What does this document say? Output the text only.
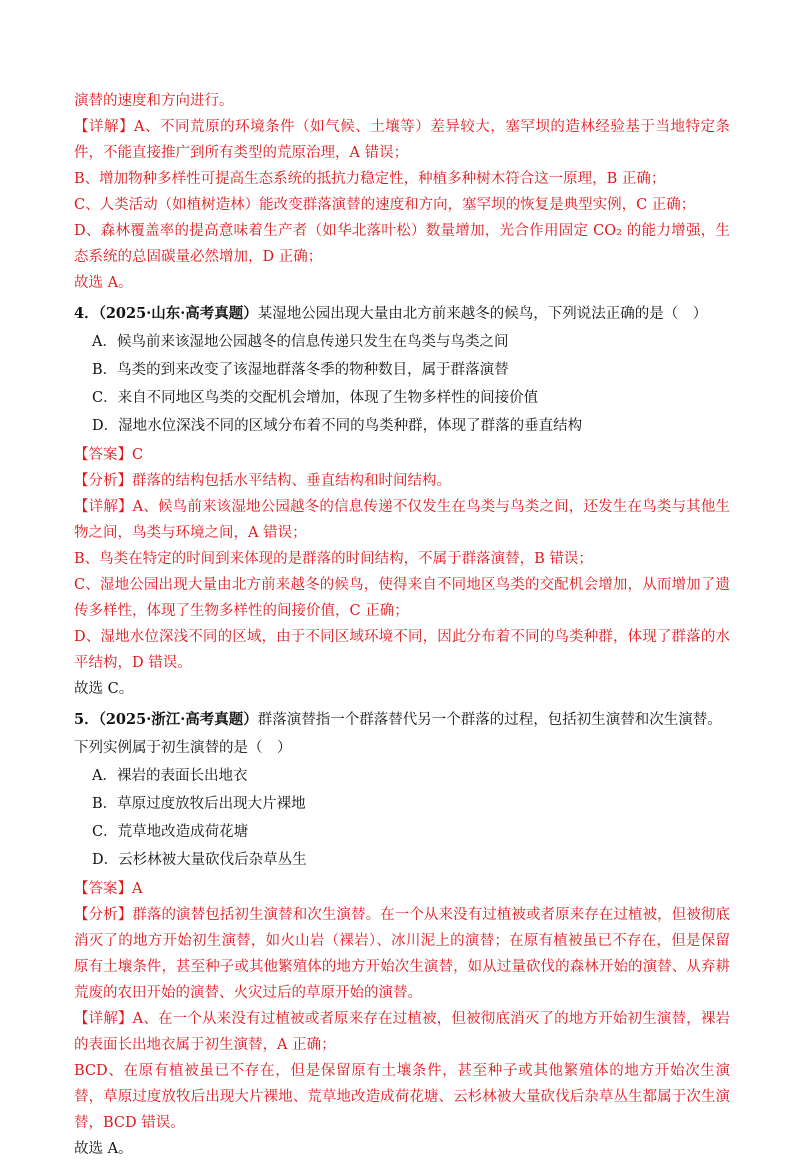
演替的速度和方向进行。

【详解】A、不同荒原的环境条件（如气候、土壤等）差异较大，塞罕坝的造林经验基于当地特定条件，不能直接推广到所有类型的荒原治理，A 错误；

B、增加物种多样性可提高生态系统的抵抗力稳定性，种植多种树木符合这一原理，B 正确；

C、人类活动（如植树造林）能改变群落演替的速度和方向，塞罕坝的恢复是典型实例，C 正确；

D、森林覆盖率的提高意味着生产者（如华北落叶松）数量增加，光合作用固定 CO₂ 的能力增强，生态系统的总固碳量必然增加，D 正确；

故选 A。

4．（2025·山东·高考真题）某湿地公园出现大量由北方前来越冬的候鸟，下列说法正确的是（　）

A．候鸟前来该湿地公园越冬的信息传递只发生在鸟类与鸟类之间

B．鸟类的到来改变了该湿地群落冬季的物种数目，属于群落演替

C．来自不同地区鸟类的交配机会增加，体现了生物多样性的间接价值

D．湿地水位深浅不同的区域分布着不同的鸟类种群，体现了群落的垂直结构

【答案】C

【分析】群落的结构包括水平结构、垂直结构和时间结构。

【详解】A、候鸟前来该湿地公园越冬的信息传递不仅发生在鸟类与鸟类之间，还发生在鸟类与其他生物之间，鸟类与环境之间，A 错误；

B、鸟类在特定的时间到来体现的是群落的时间结构，不属于群落演替，B 错误；

C、湿地公园出现大量由北方前来越冬的候鸟，使得来自不同地区鸟类的交配机会增加，从而增加了遗传多样性，体现了生物多样性的间接价值，C 正确；

D、湿地水位深浅不同的区域，由于不同区域环境不同，因此分布着不同的鸟类种群，体现了群落的水平结构，D 错误。

故选 C。

5．（2025·浙江·高考真题）群落演替指一个群落替代另一个群落的过程，包括初生演替和次生演替。下列实例属于初生演替的是（　）

A．裸岩的表面长出地衣

B．草原过度放牧后出现大片裸地

C．荒草地改造成荷花塘

D．云杉林被大量砍伐后杂草丛生

【答案】A

【分析】群落的演替包括初生演替和次生演替。在一个从来没有过植被或者原来存在过植被，但被彻底消灭了的地方开始初生演替，如火山岩（裸岩）、冰川泥上的演替；在原有植被虽已不存在，但是保留原有土壤条件，甚至种子或其他繁殖体的地方开始次生演替，如从过量砍伐的森林开始的演替、从弃耕荒废的农田开始的演替、火灾过后的草原开始的演替。

【详解】A、在一个从来没有过植被或者原来存在过植被，但被彻底消灭了的地方开始初生演替，裸岩的表面长出地衣属于初生演替，A 正确；

BCD、在原有植被虽已不存在，但是保留原有土壤条件，甚至种子或其他繁殖体的地方开始次生演替，草原过度放牧后出现大片裸地、荒草地改造成荷花塘、云杉林被大量砍伐后杂草丛生都属于次生演替，BCD 错误。

故选 A。
